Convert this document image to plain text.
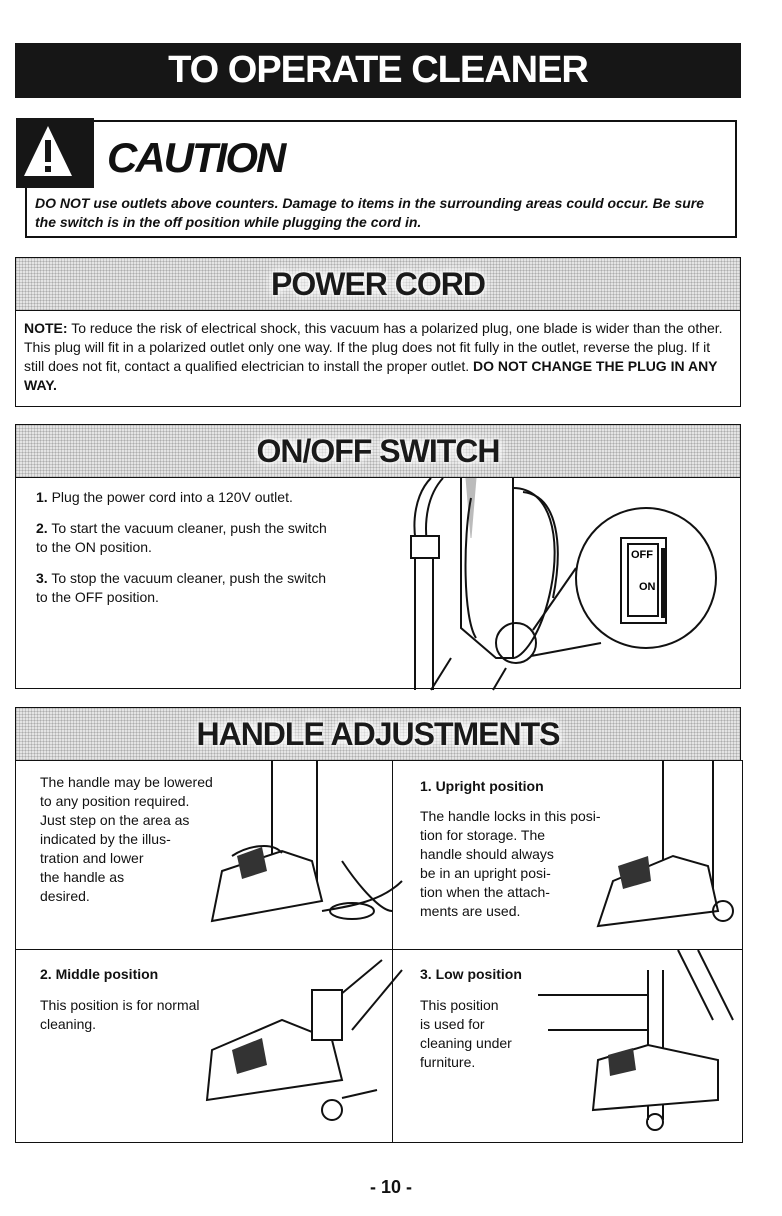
TO OPERATE CLEANER
CAUTION
DO NOT use outlets above counters. Damage to items in the surrounding areas could occur. Be sure the switch is in the off position while plugging the cord in.
POWER CORD
NOTE: To reduce the risk of electrical shock, this vacuum has a polarized plug, one blade is wider than the other. This plug will fit in a polarized outlet only one way. If the plug does not fit fully in the outlet, reverse the plug. If it still does not fit, contact a qualified electrician to install the proper outlet. DO NOT CHANGE THE PLUG IN ANY WAY.
ON/OFF SWITCH

1. Plug the power cord into a 120V outlet.

2. To start the vacuum cleaner, push the switch to the ON position.

3. To stop the vacuum cleaner, push the switch to the OFF position.

OFF
ON
HANDLE ADJUSTMENTS
The handle may be lowered
to any position required.
Just step on the area as
indicated by the illus-
tration and lower
the handle as
desired.
1. Upright position
The handle locks in this posi-
tion for storage. The
handle should always
be in an upright posi-
tion when the attach-
ments are used.
2. Middle position
This position is for normal
cleaning.
3. Low position
This position
is used for
cleaning under
furniture.
- 10 -
